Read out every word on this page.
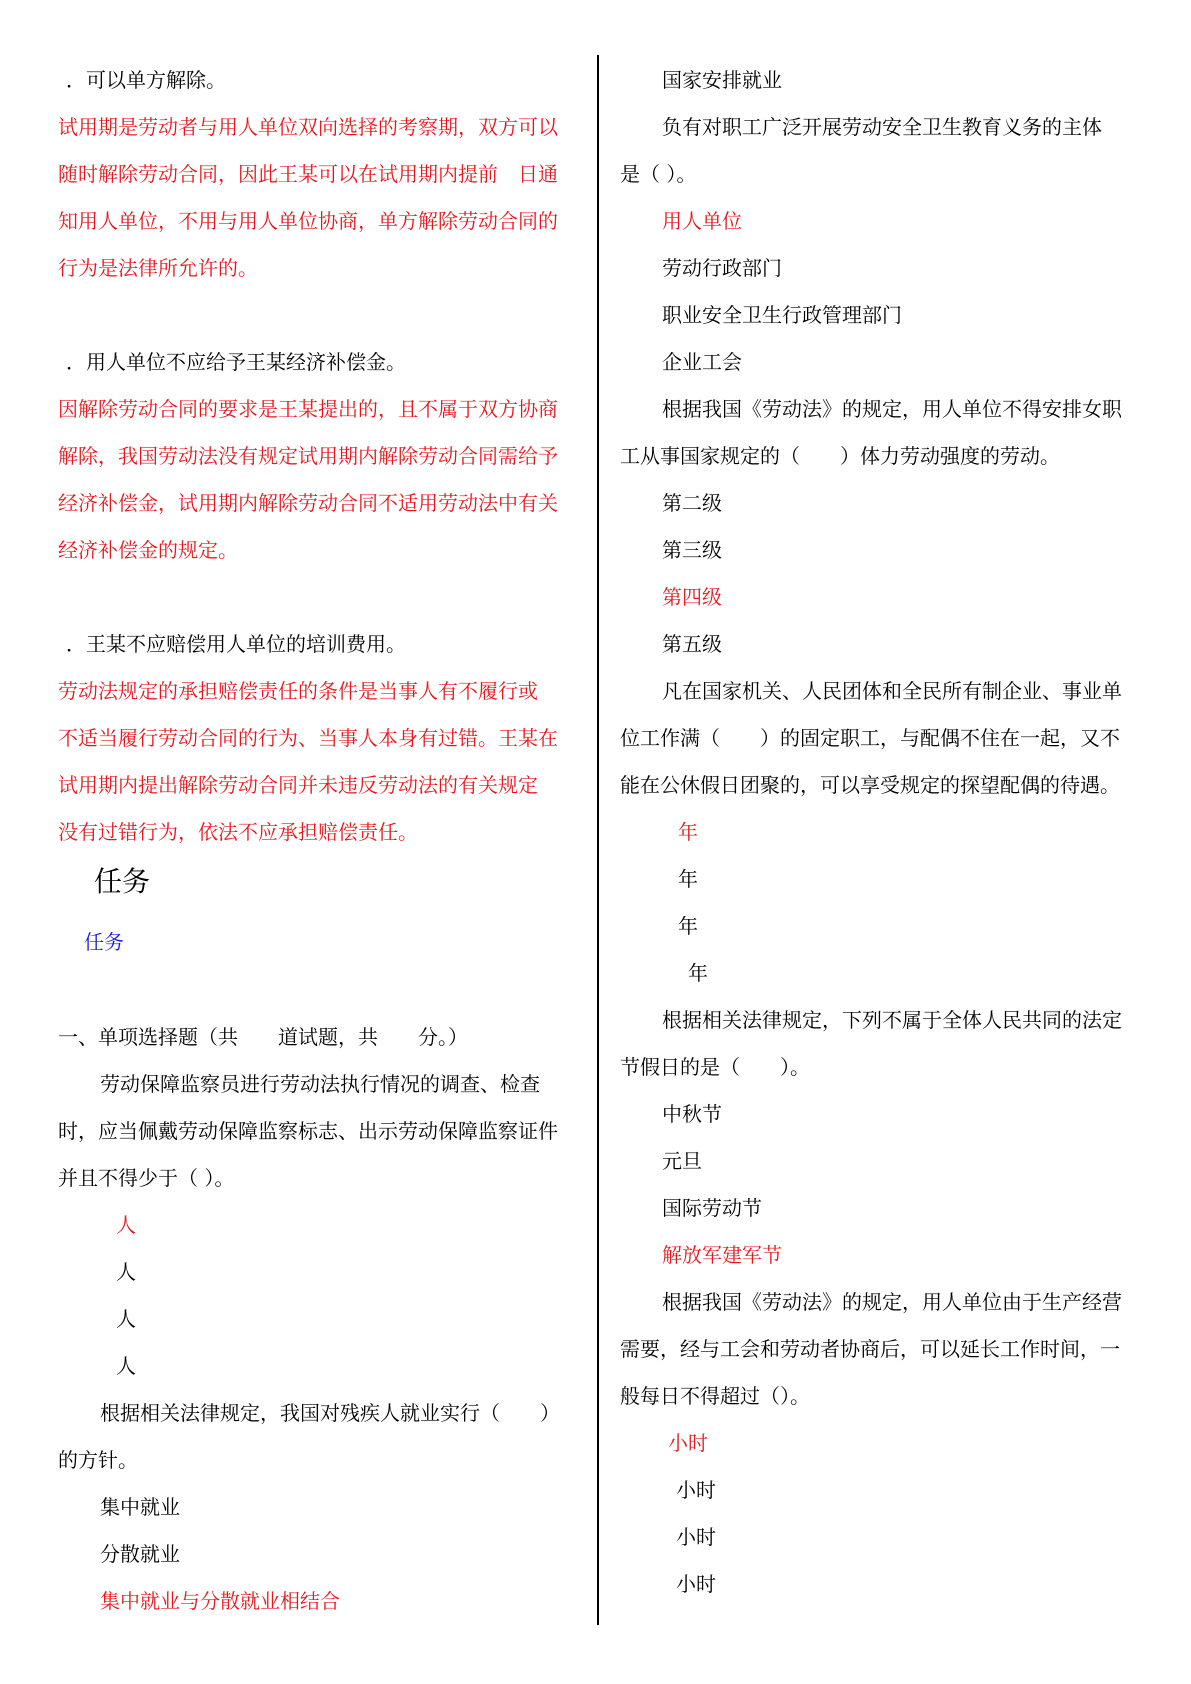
．可以单方解除。
试用期是劳动者与用人单位双向选择的考察期，双方可以
随时解除劳动合同，因此王某可以在试用期内提前　日通
知用人单位，不用与用人单位协商，单方解除劳动合同的
行为是法律所允许的。
．用人单位不应给予王某经济补偿金。
因解除劳动合同的要求是王某提出的，且不属于双方协商
解除，我国劳动法没有规定试用期内解除劳动合同需给予
经济补偿金，试用期内解除劳动合同不适用劳动法中有关
经济补偿金的规定。
．王某不应赔偿用人单位的培训费用。
劳动法规定的承担赔偿责任的条件是当事人有不履行或
不适当履行劳动合同的行为、当事人本身有过错。王某在
试用期内提出解除劳动合同并未违反劳动法的有关规定
没有过错行为，依法不应承担赔偿责任。
任务
任务
一、单项选择题（共　　道试题，共　　分。）
劳动保障监察员进行劳动法执行情况的调查、检查
时，应当佩戴劳动保障监察标志、出示劳动保障监察证件
并且不得少于（ ）。
人
人
人
人
根据相关法律规定，我国对残疾人就业实行（　　）
的方针。
集中就业
分散就业
集中就业与分散就业相结合
国家安排就业
负有对职工广泛开展劳动安全卫生教育义务的主体
是（ ）。
用人单位
劳动行政部门
职业安全卫生行政管理部门
企业工会
根据我国《劳动法》的规定，用人单位不得安排女职
工从事国家规定的（　　）体力劳动强度的劳动。
第二级
第三级
第四级
第五级
凡在国家机关、人民团体和全民所有制企业、事业单
位工作满（　　）的固定职工，与配偶不住在一起，又不
能在公休假日团聚的，可以享受规定的探望配偶的待遇。
年
年
年
年
根据相关法律规定，下列不属于全体人民共同的法定
节假日的是（　　）。
中秋节
元旦
国际劳动节
解放军建军节
根据我国《劳动法》的规定，用人单位由于生产经营
需要，经与工会和劳动者协商后，可以延长工作时间，一
般每日不得超过（）。
小时
小时
小时
小时
